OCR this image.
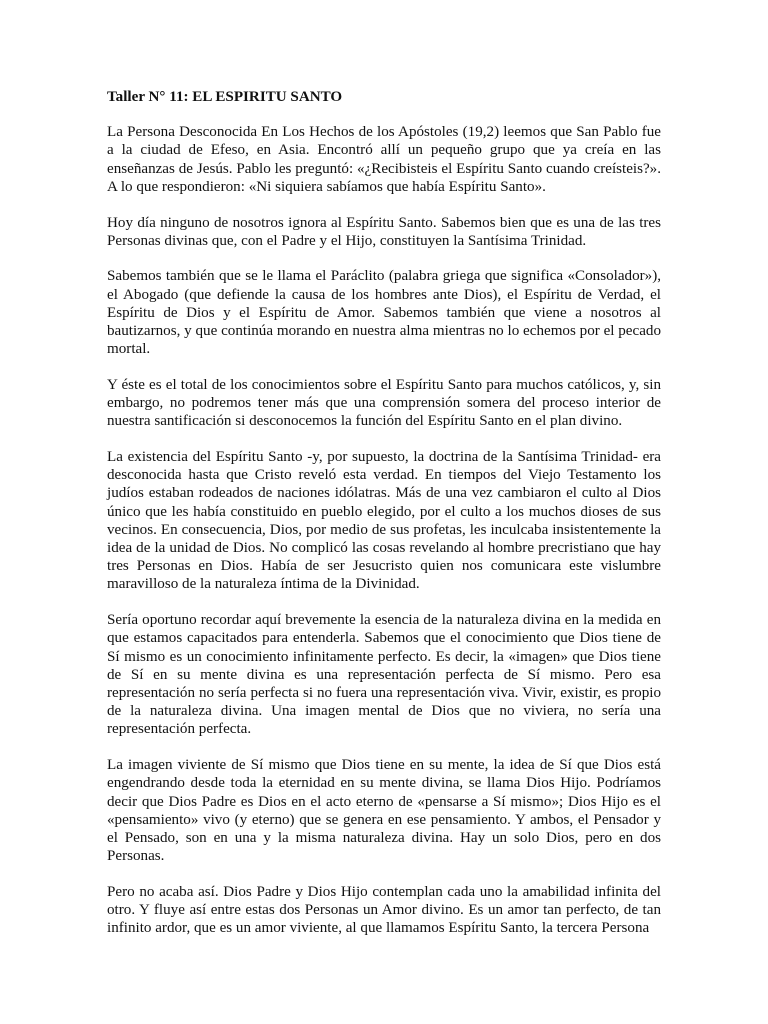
Taller N° 11: EL ESPIRITU SANTO
La Persona Desconocida En Los Hechos de los Apóstoles (19,2) leemos que San Pablo fue a la ciudad de Efeso, en Asia. Encontró allí un pequeño grupo que ya creía en las enseñanzas de Jesús. Pablo les preguntó: «¿Recibisteis el Espíritu Santo cuando creísteis?». A lo que respondieron: «Ni siquiera sabíamos que había Espíritu Santo».
Hoy día ninguno de nosotros ignora al Espíritu Santo. Sabemos bien que es una de las tres Personas divinas que, con el Padre y el Hijo, constituyen la Santísima Trinidad.
Sabemos también que se le llama el Paráclito (palabra griega que significa «Consolador»), el Abogado (que defiende la causa de los hombres ante Dios), el Espíritu de Verdad, el Espíritu de Dios y el Espíritu de Amor. Sabemos también que viene a nosotros al bautizarnos, y que continúa morando en nuestra alma mientras no lo echemos por el pecado mortal.
Y éste es el total de los conocimientos sobre el Espíritu Santo para muchos católicos, y, sin embargo, no podremos tener más que una comprensión somera del proceso interior de nuestra santificación si desconocemos la función del Espíritu Santo en el plan divino.
La existencia del Espíritu Santo -y, por supuesto, la doctrina de la Santísima Trinidad- era desconocida hasta que Cristo reveló esta verdad. En tiempos del Viejo Testamento los judíos estaban rodeados de naciones idólatras. Más de una vez cambiaron el culto al Dios único que les había constituido en pueblo elegido, por el culto a los muchos dioses de sus vecinos. En consecuencia, Dios, por medio de sus profetas, les inculcaba insistentemente la idea de la unidad de Dios. No complicó las cosas revelando al hombre precristiano que hay tres Personas en Dios. Había de ser Jesucristo quien nos comunicara este vislumbre maravilloso de la naturaleza íntima de la Divinidad.
Sería oportuno recordar aquí brevemente la esencia de la naturaleza divina en la medida en que estamos capacitados para entenderla. Sabemos que el conocimiento que Dios tiene de Sí mismo es un conocimiento infinitamente perfecto. Es decir, la «imagen» que Dios tiene de Sí en su mente divina es una representación perfecta de Sí mismo. Pero esa representación no sería perfecta si no fuera una representación viva. Vivir, existir, es propio de la naturaleza divina. Una imagen mental de Dios que no viviera, no sería una representación perfecta.
La imagen viviente de Sí mismo que Dios tiene en su mente, la idea de Sí que Dios está engendrando desde toda la eternidad en su mente divina, se llama Dios Hijo. Podríamos decir que Dios Padre es Dios en el acto eterno de «pensarse a Sí mismo»; Dios Hijo es el «pensamiento» vivo (y eterno) que se genera en ese pensamiento. Y ambos, el Pensador y el Pensado, son en una y la misma naturaleza divina. Hay un solo Dios, pero en dos Personas.
Pero no acaba así. Dios Padre y Dios Hijo contemplan cada uno la amabilidad infinita del otro. Y fluye así entre estas dos Personas un Amor divino. Es un amor tan perfecto, de tan infinito ardor, que es un amor viviente, al que llamamos Espíritu Santo, la tercera Persona
